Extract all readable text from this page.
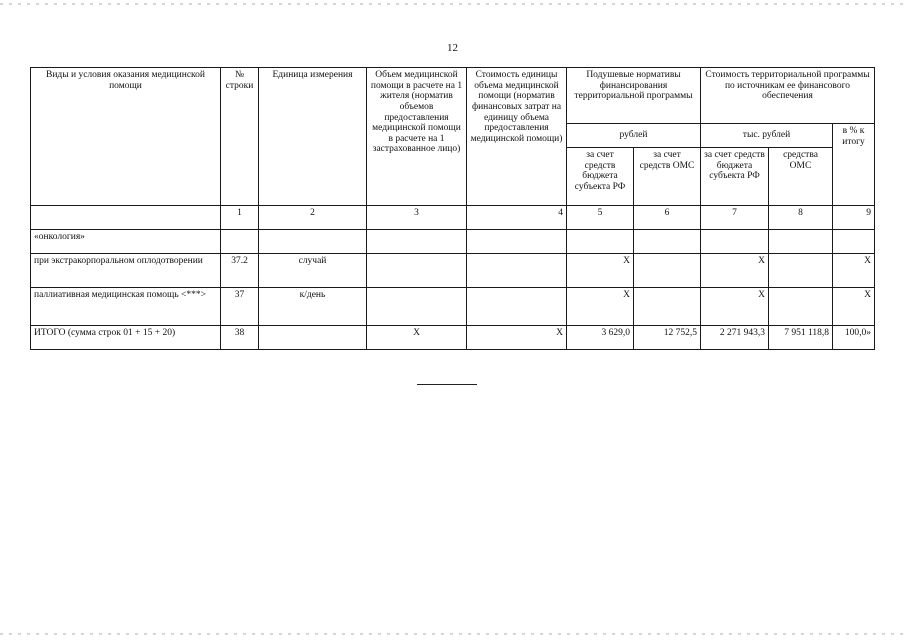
12
Виды и условия оказания медицинской помощи	№ строки	Единица измерения	Объем медицинской помощи в расчете на 1 жителя (норматив объемов предоставления медицинской помощи в расчете на 1 застрахованное лицо)	Стоимость единицы объема медицинской помощи (норматив финансовых затрат на единицу объема предоставления медицинской помощи)	Подушевые нормативы финансирования территориальной программы		Стоимость территориальной программы по источникам ее финансового обеспечения		
					рублей		тыс. рублей		в % к итогу
					за счет средств бюджета субъекта РФ	за счет средств ОМС	за счет средств бюджета субъекта РФ	средства ОМС	
	1	2	3	4	5	6	7	8	9
«онкология»									
при экстракорпоральном оплодотворении	37.2	случай			Х		Х		Х
паллиативная медицинская помощь <***>	37	к/день			Х		Х		Х
ИТОГО (сумма строк 01 + 15 + 20)	38		Х	Х	3 629,0	12 752,5	2 271 943,3	7 951 118,8	100,0»
